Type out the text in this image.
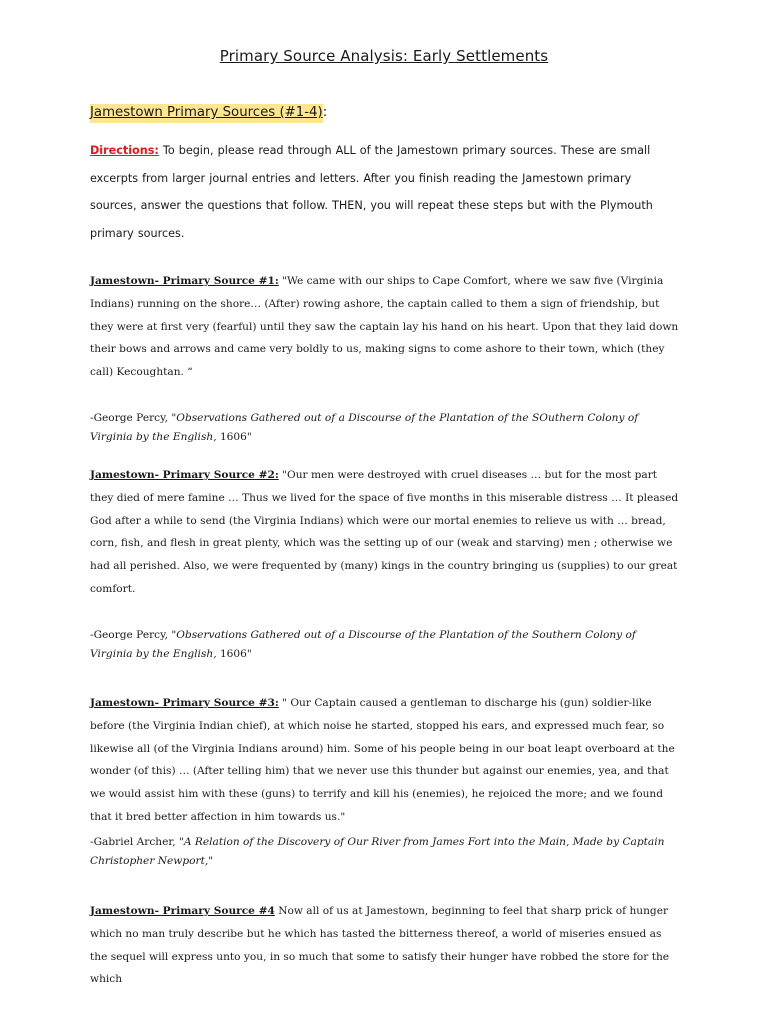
Primary Source Analysis: Early Settlements
Jamestown Primary Sources (#1-4):
Directions: To begin, please read through ALL of the Jamestown primary sources. These are small excerpts from larger journal entries and letters. After you finish reading the Jamestown primary sources, answer the questions that follow. THEN, you will repeat these steps but with the Plymouth primary sources.
Jamestown- Primary Source #1: "We came with our ships to Cape Comfort, where we saw five (Virginia Indians) running on the shore… (After) rowing ashore, the captain called to them a sign of friendship, but they were at first very (fearful) until they saw the captain lay his hand on his heart. Upon that they laid down their bows and arrows and came very boldly to us, making signs to come ashore to their town, which (they call) Kecoughtan. “
-George Percy, "Observations Gathered out of a Discourse of the Plantation of the SOuthern Colony of Virginia by the English, 1606"
Jamestown- Primary Source #2: "Our men were destroyed with cruel diseases … but for the most part they died of mere famine … Thus we lived for the space of five months in this miserable distress … It pleased God after a while to send (the Virginia Indians) which were our mortal enemies to relieve us with … bread, corn, fish, and flesh in great plenty, which was the setting up of our (weak and starving) men ; otherwise we had all perished. Also, we were frequented by (many) kings in the country bringing us (supplies) to our great comfort.
-George Percy, "Observations Gathered out of a Discourse of the Plantation of the Southern Colony of Virginia by the English, 1606"
Jamestown- Primary Source #3: " Our Captain caused a gentleman to discharge his (gun) soldier-like before (the Virginia Indian chief), at which noise he started, stopped his ears, and expressed much fear, so likewise all (of the Virginia Indians around) him. Some of his people being in our boat leapt overboard at the wonder (of this) … (After telling him) that we never use this thunder but against our enemies, yea, and that we would assist him with these (guns) to terrify and kill his (enemies), he rejoiced the more; and we found that it bred better affection in him towards us."
-Gabriel Archer, "A Relation of the Discovery of Our River from James Fort into the Main, Made by Captain Christopher Newport,"
Jamestown- Primary Source #4 Now all of us at Jamestown, beginning to feel that sharp prick of hunger which no man truly describe but he which has tasted the bitterness thereof, a world of miseries ensued as the sequel will express unto you, in so much that some to satisfy their hunger have robbed the store for the which
